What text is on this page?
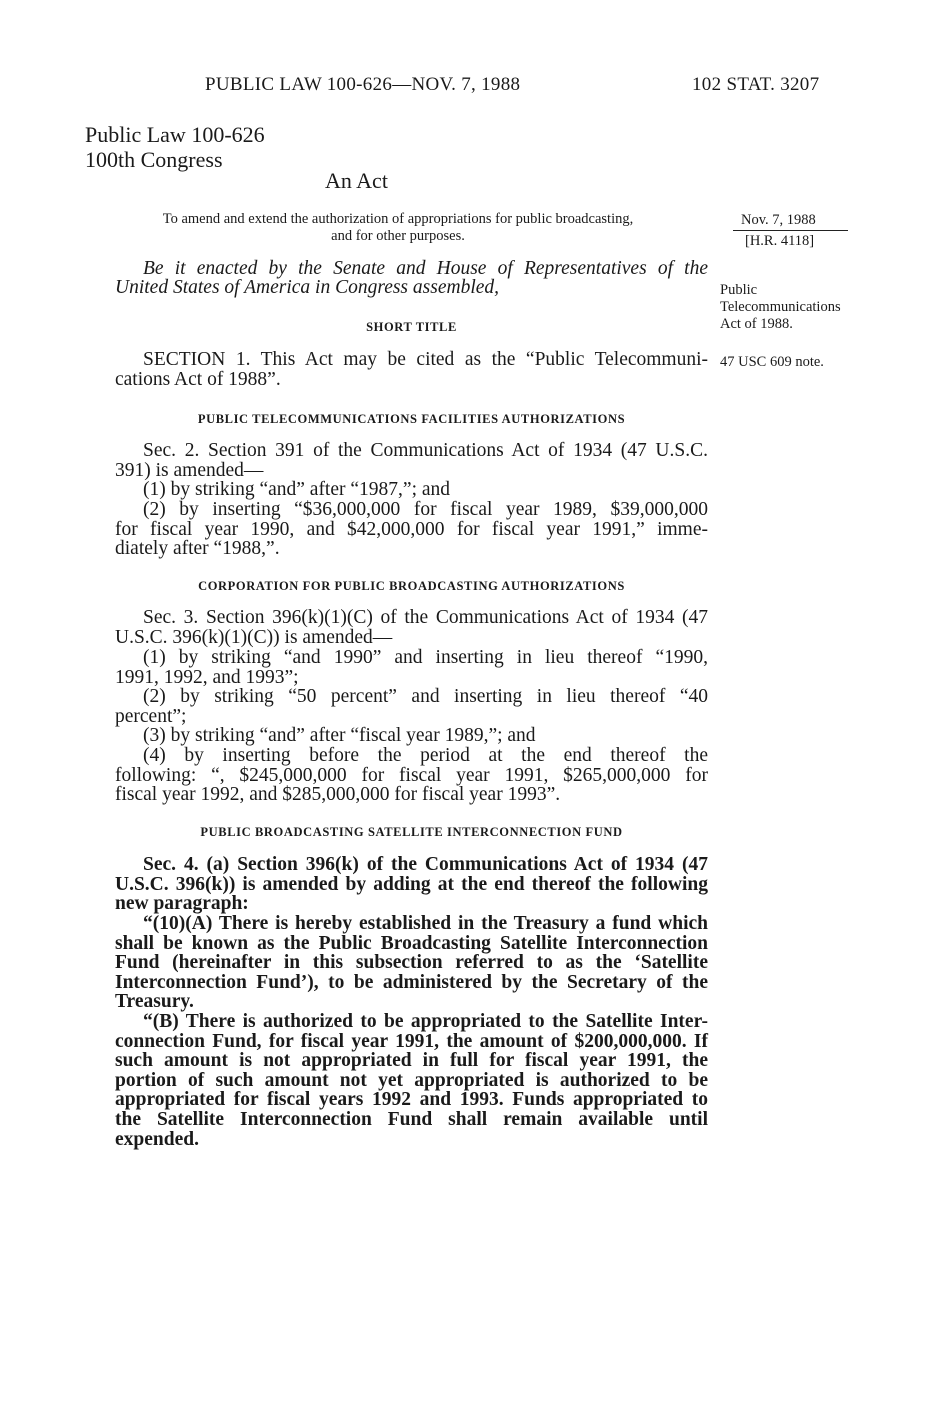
PUBLIC LAW 100-626—NOV. 7, 1988	102 STAT. 3207
Public Law 100-626
100th Congress
An Act
To amend and extend the authorization of appropriations for public broadcasting,
and for other purposes.
Nov. 7, 1988
[H.R. 4118]
Public
Telecommunications
Act of 1988.
47 USC 609 note.
Be it enacted by the Senate and House of Representatives of the
United States of America in Congress assembled,
SHORT TITLE
SECTION 1. This Act may be cited as the “Public Telecommuni-
cations Act of 1988”.
PUBLIC TELECOMMUNICATIONS FACILITIES AUTHORIZATIONS
Sec. 2. Section 391 of the Communications Act of 1934 (47 U.S.C.
391) is amended—
(1) by striking “and” after “1987,”; and
(2) by inserting “$36,000,000 for fiscal year 1989, $39,000,000
for fiscal year 1990, and $42,000,000 for fiscal year 1991,” imme-
diately after “1988,”.
CORPORATION FOR PUBLIC BROADCASTING AUTHORIZATIONS
Sec. 3. Section 396(k)(1)(C) of the Communications Act of 1934 (47
U.S.C. 396(k)(1)(C)) is amended—
(1) by striking “and 1990” and inserting in lieu thereof “1990,
1991, 1992, and 1993”;
(2) by striking “50 percent” and inserting in lieu thereof “40
percent”;
(3) by striking “and” after “fiscal year 1989,”; and
(4) by inserting before the period at the end thereof the
following: “, $245,000,000 for fiscal year 1991, $265,000,000 for
fiscal year 1992, and $285,000,000 for fiscal year 1993”.
PUBLIC BROADCASTING SATELLITE INTERCONNECTION FUND
Sec. 4. (a) Section 396(k) of the Communications Act of 1934 (47
U.S.C. 396(k)) is amended by adding at the end thereof the following
new paragraph:
“(10)(A) There is hereby established in the Treasury a fund which
shall be known as the Public Broadcasting Satellite Interconnection
Fund (hereinafter in this subsection referred to as the ‘Satellite
Interconnection Fund’), to be administered by the Secretary of the
Treasury.
“(B) There is authorized to be appropriated to the Satellite Inter-
connection Fund, for fiscal year 1991, the amount of $200,000,000. If
such amount is not appropriated in full for fiscal year 1991, the
portion of such amount not yet appropriated is authorized to be
appropriated for fiscal years 1992 and 1993. Funds appropriated to
the Satellite Interconnection Fund shall remain available until
expended.
